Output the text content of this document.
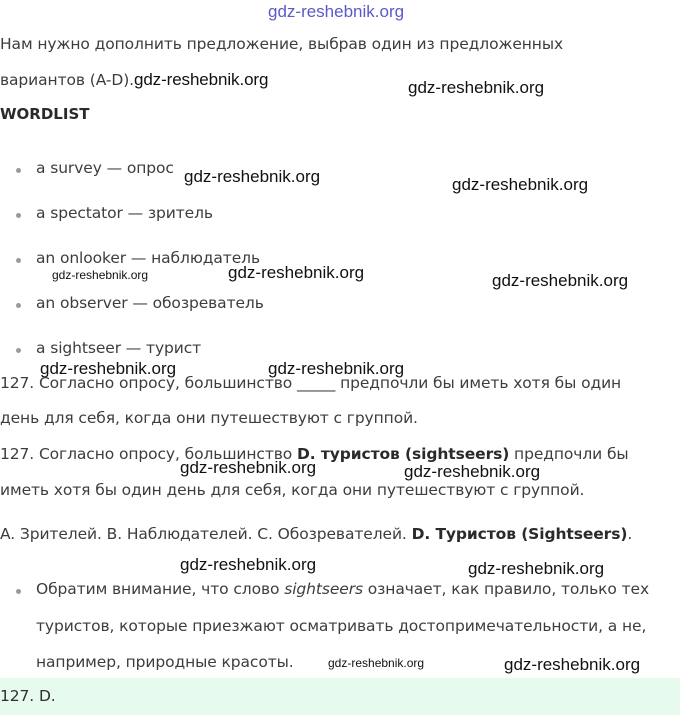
gdz-reshebnik.org
Нам нужно дополнить предложение, выбрав один из предложенных
вариантов (A-D).gdz-reshebnik.org	gdz-reshebnik.org
WORDLIST
a survey — опрос gdz-reshebnik.org	gdz-reshebnik.org
a spectator — зритель
an onlooker — наблюдатель
gdz-reshebnik.org	gdz-reshebnik.org	gdz-reshebnik.org
an observer — обозреватель
a sightseer — турист
gdz-reshebnik.org	gdz-reshebnik.org
127. Согласно опросу, большинство _____ предпочли бы иметь хотя бы один
день для себя, когда они путешествуют с группой.
127. Согласно опросу, большинство D. туристов (sightseers) предпочли бы
gdz-reshebnik.org	gdz-reshebnik.org
иметь хотя бы один день для себя, когда они путешествуют с группой.
A. Зрителей. B. Наблюдателей. C. Обозревателей. D. Туристов (Sightseers).
gdz-reshebnik.org	gdz-reshebnik.org
Обратим внимание, что слово sightseers означает, как правило, только тех
туристов, которые приезжают осматривать достопримечательности, а не,
например, природные красоты.	gdz-reshebnik.org	gdz-reshebnik.org
127. D.
